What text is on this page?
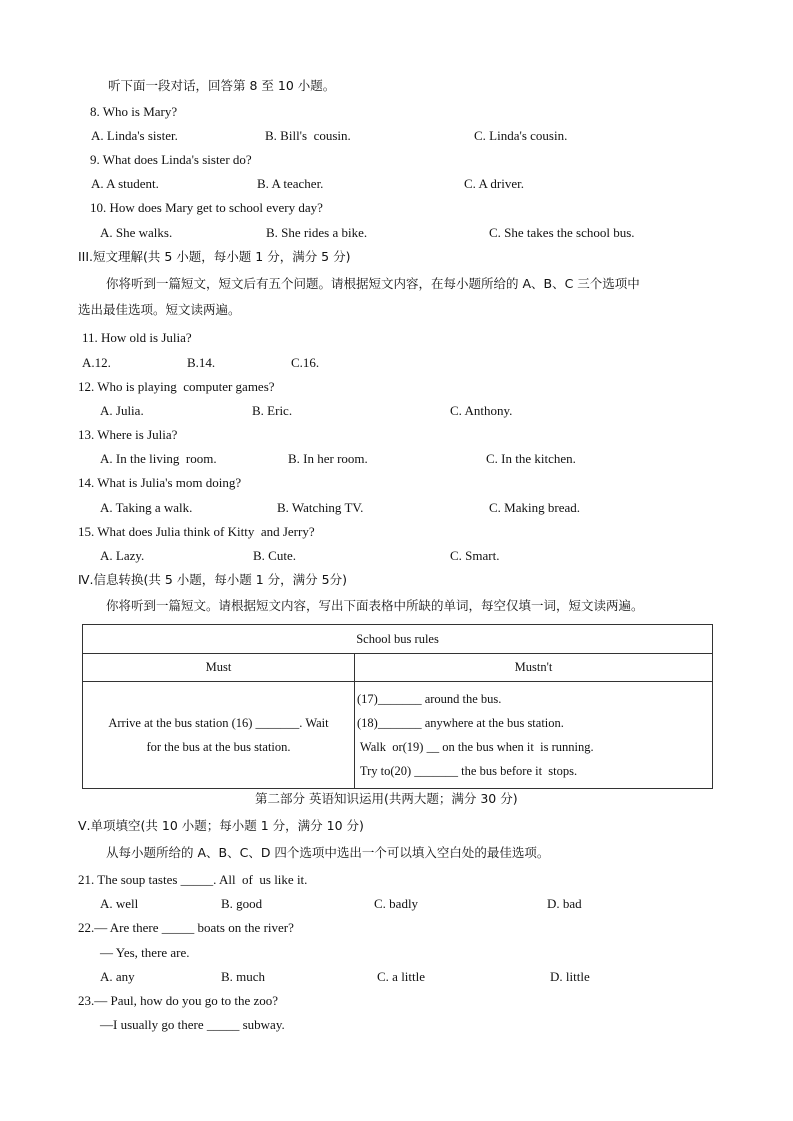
听下面一段对话，回答第 8 至 10 小题。
8. Who is Mary?
A. Linda's sister.	B. Bill's  cousin.	C. Linda's cousin.
9. What does Linda's sister do?
A. A student.	B. A teacher.	C. A driver.
10. How does Mary get to school every day?
A. She walks.	B. She rides a bike.	C. She takes the school bus.
III.短文理解(共 5 小题，每小题 1 分，满分 5 分)
你将听到一篇短文，短文后有五个问题。请根据短文内容，在每小题所给的 A、B、C 三个选项中
选出最佳选项。短文读两遍。
11. How old is Julia?
A.12.	B.14.	C.16.
12. Who is playing  computer games?
A. Julia.	B. Eric.	C. Anthony.
13. Where is Julia?
A. In the living  room.	B. In her room.	C. In the kitchen.
14. What is Julia's mom doing?
A. Taking a walk.	B. Watching TV.	C. Making bread.
15. What does Julia think of Kitty  and Jerry?
A. Lazy.	B. Cute.	C. Smart.
Ⅳ.信息转换(共 5 小题，每小题 1 分，满分 5分)
你将听到一篇短文。请根据短文内容，写出下面表格中所缺的单词，每空仅填一词，短文读两遍。
School bus rules	
Must	Mustn't
Arrive at the bus station (16) _______. Wait
for the bus at the bus station.	(17)_______ around the bus.
(18)_______ anywhere at the bus station.
Walk  or(19) __ on the bus when it  is running.
Try to(20) _______ the bus before it  stops.
第二部分 英语知识运用(共两大题；满分 30 分)
Ⅴ.单项填空(共 10 小题；每小题 1 分，满分 10 分)
从每小题所给的 A、B、C、D 四个选项中选出一个可以填入空白处的最佳选项。
21. The soup tastes _____. All  of  us like it.
A. well	B. good	C. badly	D. bad
22.— Are there _____ boats on the river?
— Yes, there are.
A. any	B. much	C. a little	D. little
23.— Paul, how do you go to the zoo?
—I usually go there _____ subway.
